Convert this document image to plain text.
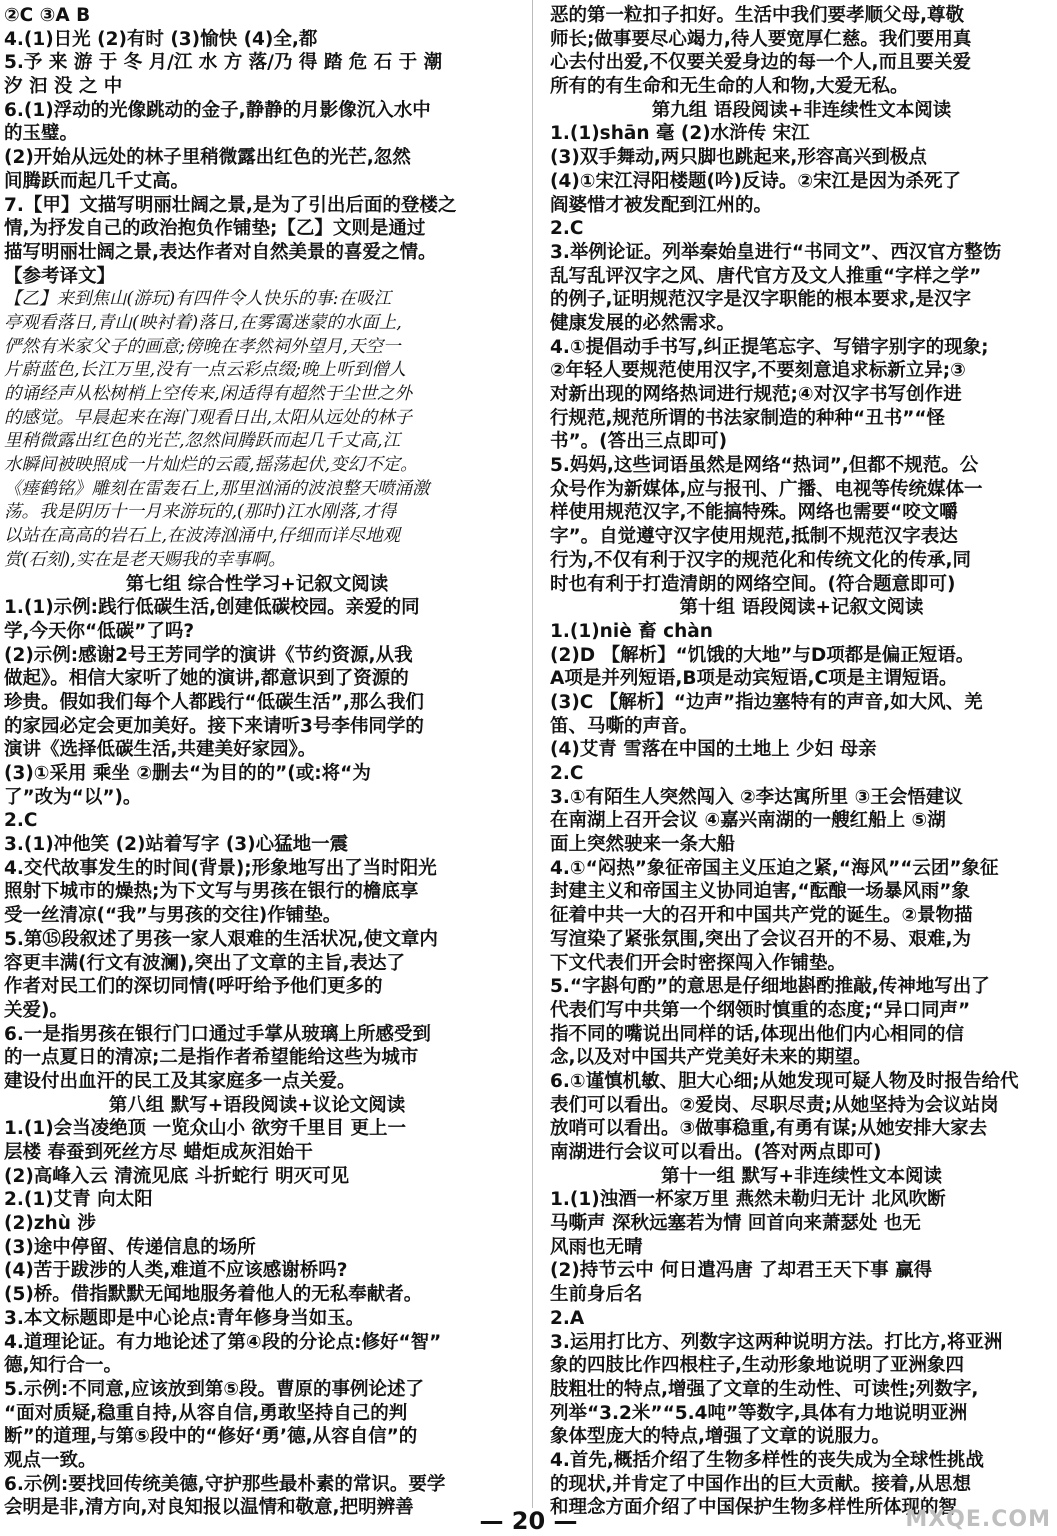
②C ③A B
4.(1)日光 (2)有时 (3)愉快 (4)全,都
5.予 来 游 于 冬 月/江 水 方 落/乃 得 踏 危 石 于 潮
汐 汩 没 之 中
6.(1)浮动的光像跳动的金子,静静的月影像沉入水中
的玉璧。
(2)开始从远处的林子里稍微露出红色的光芒,忽然
间腾跃而起几千丈高。
7.【甲】文描写明丽壮阔之景,是为了引出后面的登楼之
情,为抒发自己的政治抱负作铺垫;【乙】文则是通过
描写明丽壮阔之景,表达作者对自然美景的喜爱之情。
【参考译文】
【乙】来到焦山(游玩)有四件令人快乐的事:在吸江
亭观看落日,青山(映衬着)落日,在雾霭迷蒙的水面上,
俨然有米家父子的画意;傍晚在孝然祠外望月,天空一
片蔚蓝色,长江万里,没有一点云彩点缀;晚上听到僧人
的诵经声从松树梢上空传来,闲适得有超然于尘世之外
的感觉。早晨起来在海门观看日出,太阳从远处的林子
里稍微露出红色的光芒,忽然间腾跃而起几千丈高,江
水瞬间被映照成一片灿烂的云霞,摇荡起伏,变幻不定。
《瘗鹤铭》雕刻在雷轰石上,那里汹涌的波浪整天喷涌激
荡。我是阴历十一月来游玩的,(那时)江水刚落,才得
以站在高高的岩石上,在波涛汹涌中,仔细而详尽地观
赏(石刻),实在是老天赐我的幸事啊。
第七组 综合性学习+记叙文阅读
1.(1)示例:践行低碳生活,创建低碳校园。亲爱的同
学,今天你“低碳”了吗?
(2)示例:感谢2号王芳同学的演讲《节约资源,从我
做起》。相信大家听了她的演讲,都意识到了资源的
珍贵。假如我们每个人都践行“低碳生活”,那么我们
的家园必定会更加美好。接下来请听3号李伟同学的
演讲《选择低碳生活,共建美好家园》。
(3)①采用 乘坐 ②删去“为目的的”(或:将“为
了”改为“以”)。
2.C
3.(1)冲他笑 (2)站着写字 (3)心猛地一震
4.交代故事发生的时间(背景);形象地写出了当时阳光
照射下城市的燥热;为下文写与男孩在银行的檐底享
受一丝清凉(“我”与男孩的交往)作铺垫。
5.第⑮段叙述了男孩一家人艰难的生活状况,使文章内
容更丰满(行文有波澜),突出了文章的主旨,表达了
作者对民工们的深切同情(呼吁给予他们更多的
关爱)。
6.一是指男孩在银行门口通过手掌从玻璃上所感受到
的一点夏日的清凉;二是指作者希望能给这些为城市
建设付出血汗的民工及其家庭多一点关爱。
第八组 默写+语段阅读+议论文阅读
1.(1)会当凌绝顶 一览众山小 欲穷千里目 更上一
层楼 春蚕到死丝方尽 蜡炬成灰泪始干
(2)高峰入云 清流见底 斗折蛇行 明灭可见
2.(1)艾青 向太阳
(2)zhù 涉
(3)途中停留、传递信息的场所
(4)苦于跋涉的人类,难道不应该感谢桥吗?
(5)桥。借指默默无闻地服务着他人的无私奉献者。
3.本文标题即是中心论点:青年修身当如玉。
4.道理论证。有力地论述了第④段的分论点:修好“智”
德,知行合一。
5.示例:不同意,应该放到第⑤段。曹原的事例论述了
“面对质疑,稳重自持,从容自信,勇敢坚持自己的判
断”的道理,与第⑤段中的“修好‘勇’德,从容自信”的
观点一致。
6.示例:要找回传统美德,守护那些最朴素的常识。要学
会明是非,清方向,对良知报以温情和敬意,把明辨善
恶的第一粒扣子扣好。生活中我们要孝顺父母,尊敬
师长;做事要尽心竭力,待人要宽厚仁慈。我们要用真
心去付出爱,不仅要关爱身边的每一个人,而且要关爱
所有的有生命和无生命的人和物,大爱无私。
第九组 语段阅读+非连续性文本阅读
1.(1)shān 毫 (2)水浒传 宋江
(3)双手舞动,两只脚也跳起来,形容高兴到极点
(4)①宋江浔阳楼题(吟)反诗。②宋江是因为杀死了
阎婆惜才被发配到江州的。
2.C
3.举例论证。列举秦始皇进行“书同文”、西汉官方整饬
乱写乱评汉字之风、唐代官方及文人推重“字样之学”
的例子,证明规范汉字是汉字职能的根本要求,是汉字
健康发展的必然需求。
4.①提倡动手书写,纠正提笔忘字、写错字别字的现象;
②年轻人要规范使用汉字,不要刻意追求标新立异;③
对新出现的网络热词进行规范;④对汉字书写创作进
行规范,规范所谓的书法家制造的种种“丑书”“怪
书”。(答出三点即可)
5.妈妈,这些词语虽然是网络“热词”,但都不规范。公
众号作为新媒体,应与报刊、广播、电视等传统媒体一
样使用规范汉字,不能搞特殊。网络也需要“咬文嚼
字”。自觉遵守汉字使用规范,抵制不规范汉字表达
行为,不仅有利于汉字的规范化和传统文化的传承,同
时也有利于打造清朗的网络空间。(符合题意即可)
第十组 语段阅读+记叙文阅读
1.(1)niè 畜 chàn
(2)D 【解析】“饥饿的大地”与D项都是偏正短语。
A项是并列短语,B项是动宾短语,C项是主谓短语。
(3)C 【解析】“边声”指边塞特有的声音,如大风、羌
笛、马嘶的声音。
(4)艾青 雪落在中国的土地上 少妇 母亲
2.C
3.①有陌生人突然闯入 ②李达寓所里 ③王会悟建议
在南湖上召开会议 ④嘉兴南湖的一艘红船上 ⑤湖
面上突然驶来一条大船
4.①“闷热”象征帝国主义压迫之紧,“海风”“云团”象征
封建主义和帝国主义协同迫害,“酝酿一场暴风雨”象
征着中共一大的召开和中国共产党的诞生。②景物描
写渲染了紧张氛围,突出了会议召开的不易、艰难,为
下文代表们开会时密探闯入作铺垫。
5.“字斟句酌”的意思是仔细地斟酌推敲,传神地写出了
代表们写中共第一个纲领时慎重的态度;“异口同声”
指不同的嘴说出同样的话,体现出他们内心相同的信
念,以及对中国共产党美好未来的期望。
6.①谨慎机敏、胆大心细;从她发现可疑人物及时报告给代
表们可以看出。②爱岗、尽职尽责;从她坚持为会议站岗
放哨可以看出。③做事稳重,有勇有谋;从她安排大家去
南湖进行会议可以看出。(答对两点即可)
第十一组 默写+非连续性文本阅读
1.(1)浊酒一杯家万里 燕然未勒归无计 北风吹断
马嘶声 深秋远塞若为情 回首向来萧瑟处 也无
风雨也无晴
(2)持节云中 何日遣冯唐 了却君王天下事 赢得
生前身后名
2.A
3.运用打比方、列数字这两种说明方法。打比方,将亚洲
象的四肢比作四根柱子,生动形象地说明了亚洲象四
肢粗壮的特点,增强了文章的生动性、可读性;列数字,
列举“3.2米”“5.4吨”等数字,具体有力地说明亚洲
象体型庞大的特点,增强了文章的说服力。
4.首先,概括介绍了生物多样性的丧失成为全球性挑战
的现状,并肯定了中国作出的巨大贡献。接着,从思想
和理念方面介绍了中国保护生物多样性所体现的智
— 20 —	MXQE.COM
